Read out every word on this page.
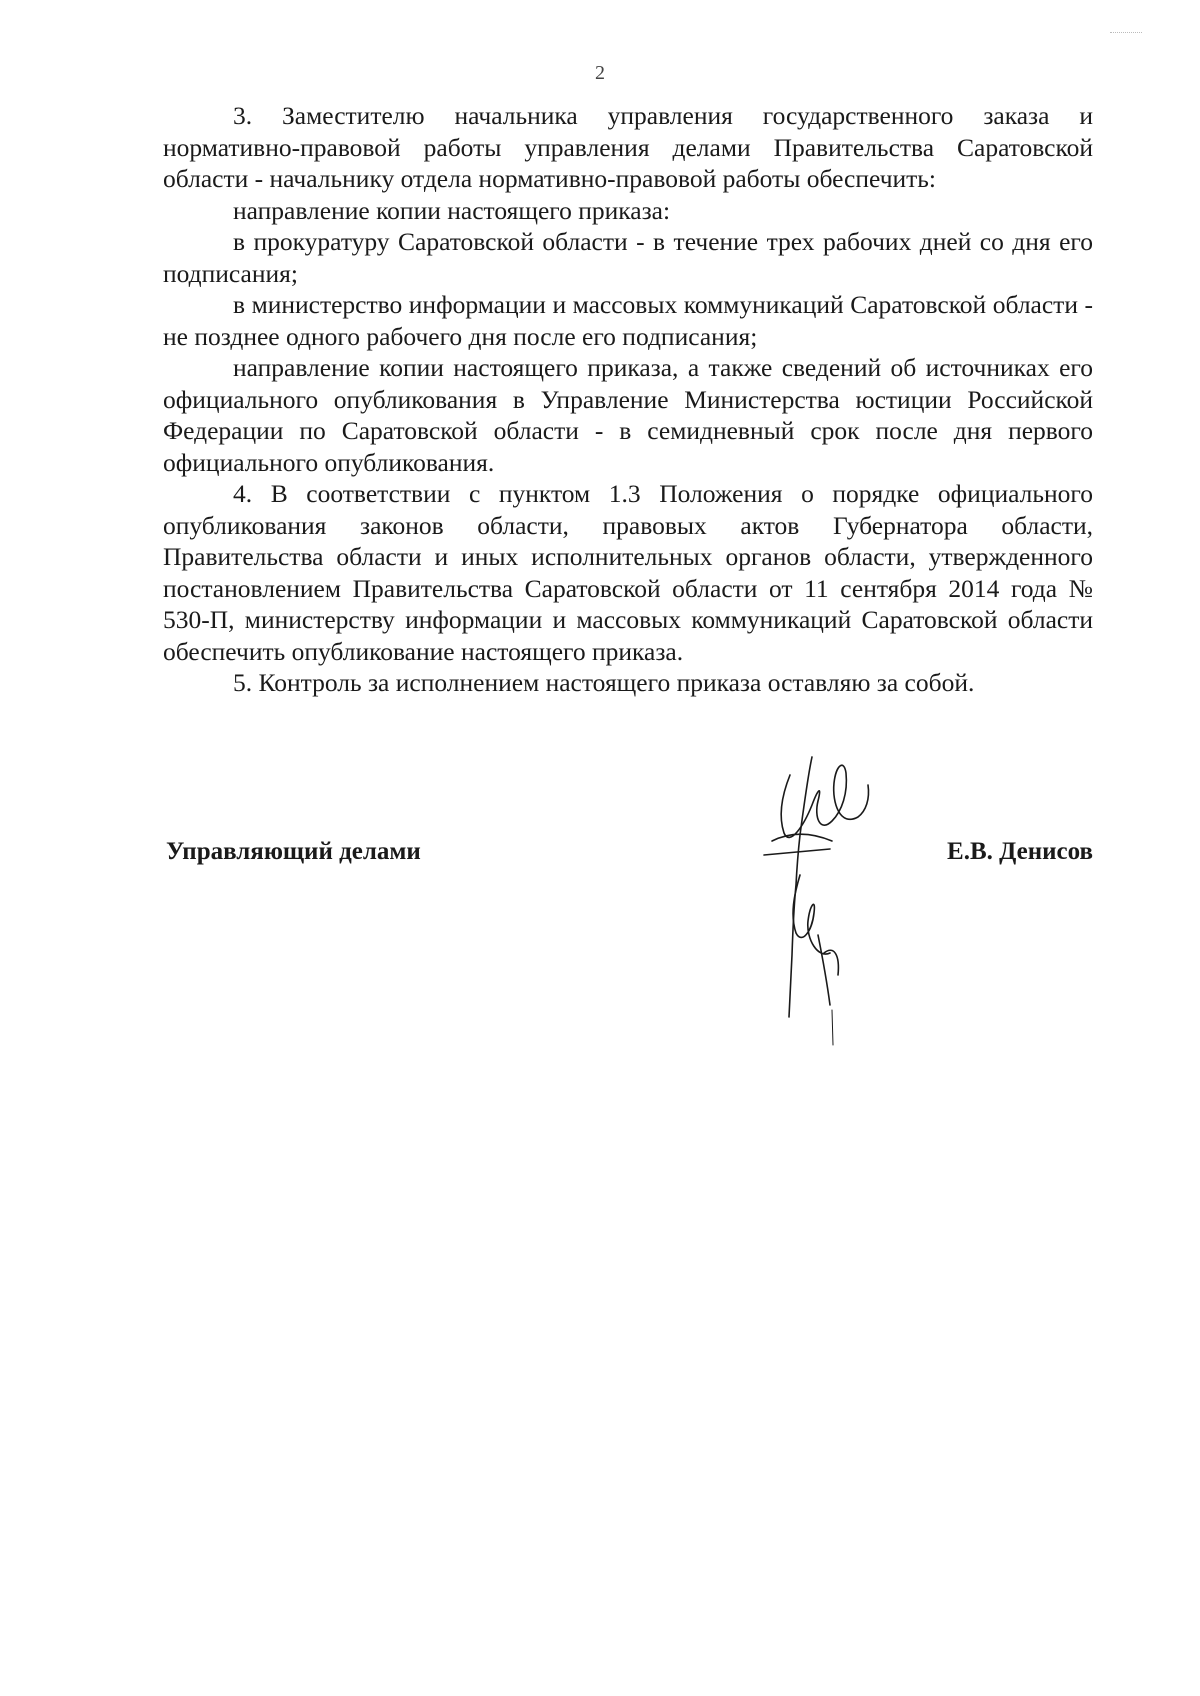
2

3. Заместителю начальника управления государственного заказа и нормативно-правовой работы управления делами Правительства Саратовской области - начальнику отдела нормативно-правовой работы обеспечить:

направление копии настоящего приказа:

в прокуратуру Саратовской области - в течение трех рабочих дней со дня его подписания;

в министерство информации и массовых коммуникаций Саратовской области - не позднее одного рабочего дня после его подписания;

направление копии настоящего приказа, а также сведений об источниках его официального опубликования в Управление Министерства юстиции Российской Федерации по Саратовской области - в семидневный срок после дня первого официального опубликования.

4. В соответствии с пунктом 1.3 Положения о порядке официального опубликования законов области, правовых актов Губернатора области, Правительства области и иных исполнительных органов области, утвержденного постановлением Правительства Саратовской области от 11 сентября 2014 года № 530-П, министерству информации и массовых коммуникаций Саратовской области обеспечить опубликование настоящего приказа.

5. Контроль за исполнением настоящего приказа оставляю за собой.

Управляющий делами	Е.В. Денисов
